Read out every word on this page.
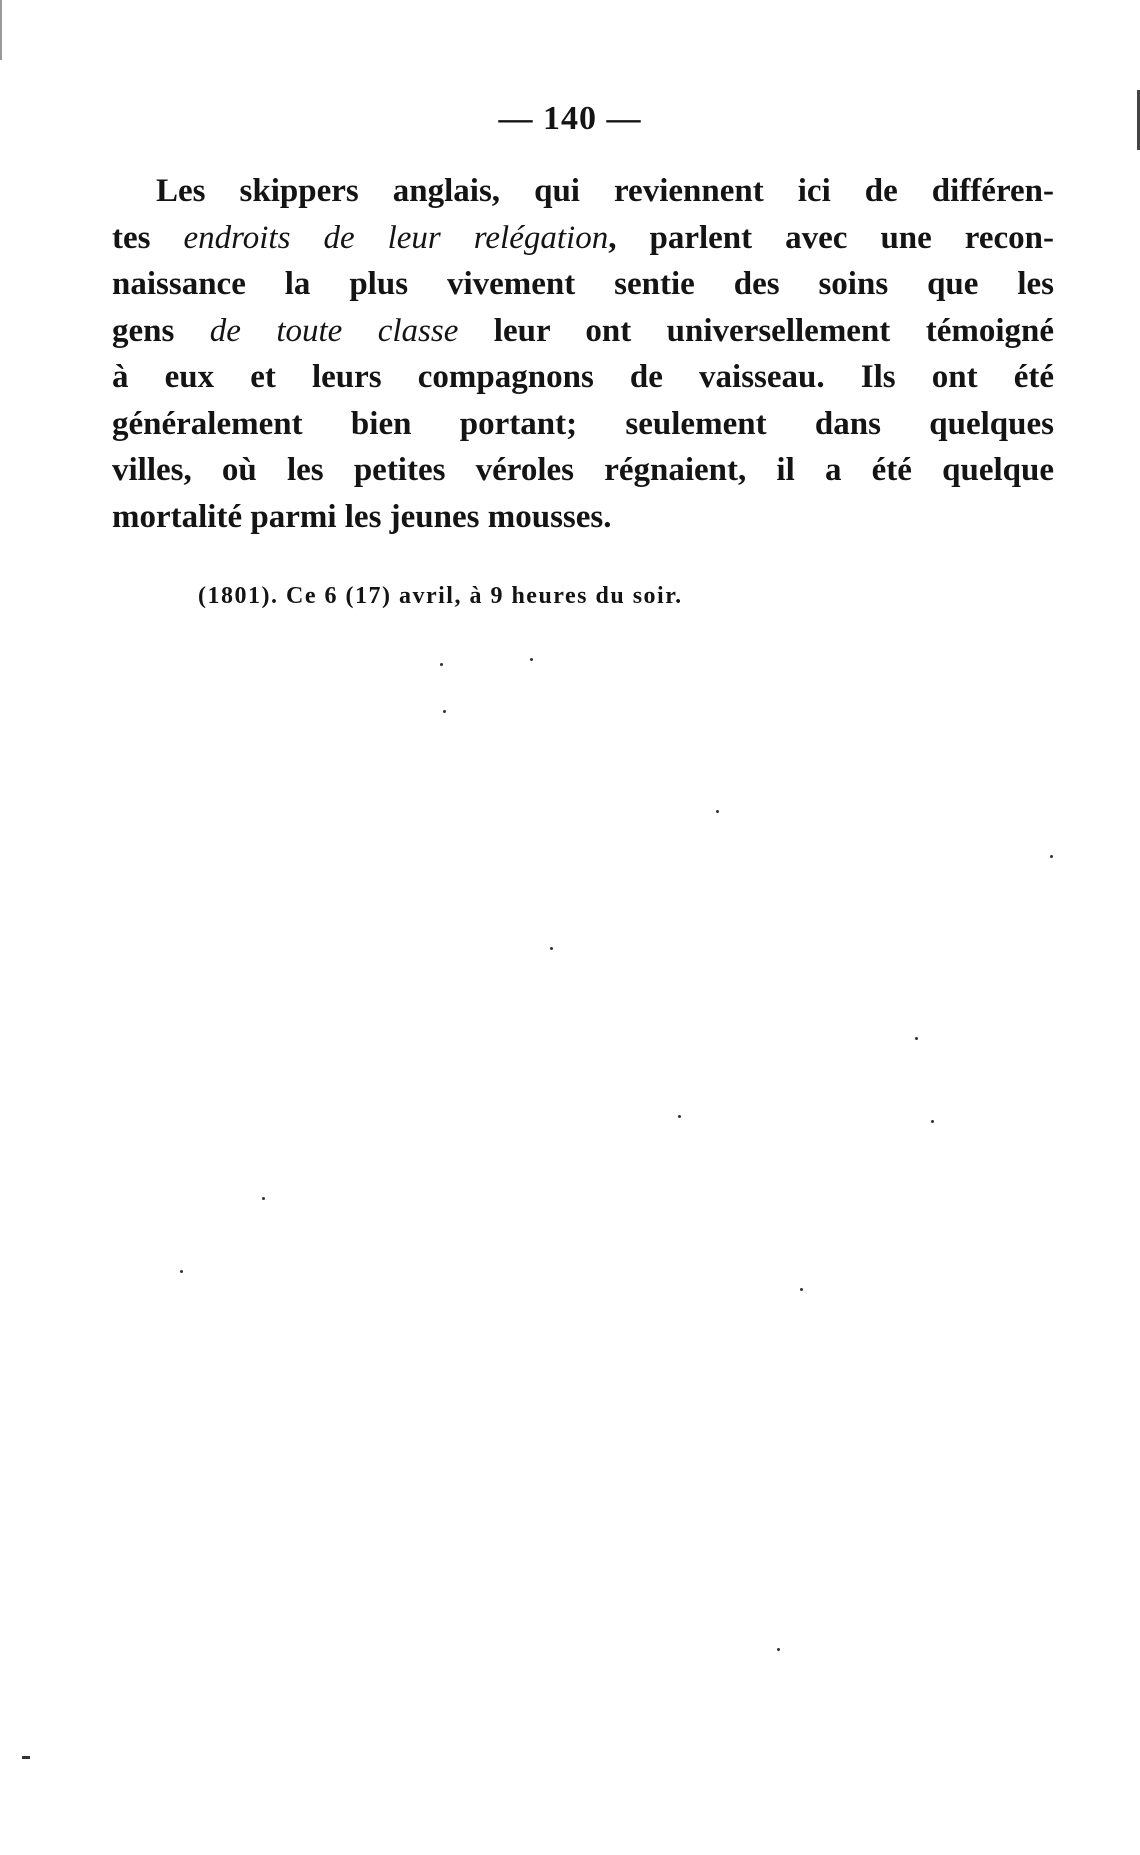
— 140 —
Les skippers anglais, qui reviennent ici de différen-
tes endroits de leur relégation, parlent avec une recon-
naissance la plus vivement sentie des soins que les
gens de toute classe leur ont universellement témoigné
à eux et leurs compagnons de vaisseau. Ils ont été
généralement bien portant; seulement dans quelques
villes, où les petites véroles régnaient, il a été quelque
mortalité parmi les jeunes mousses.
(1801). Ce 6 (17) avril, à 9 heures du soir.
